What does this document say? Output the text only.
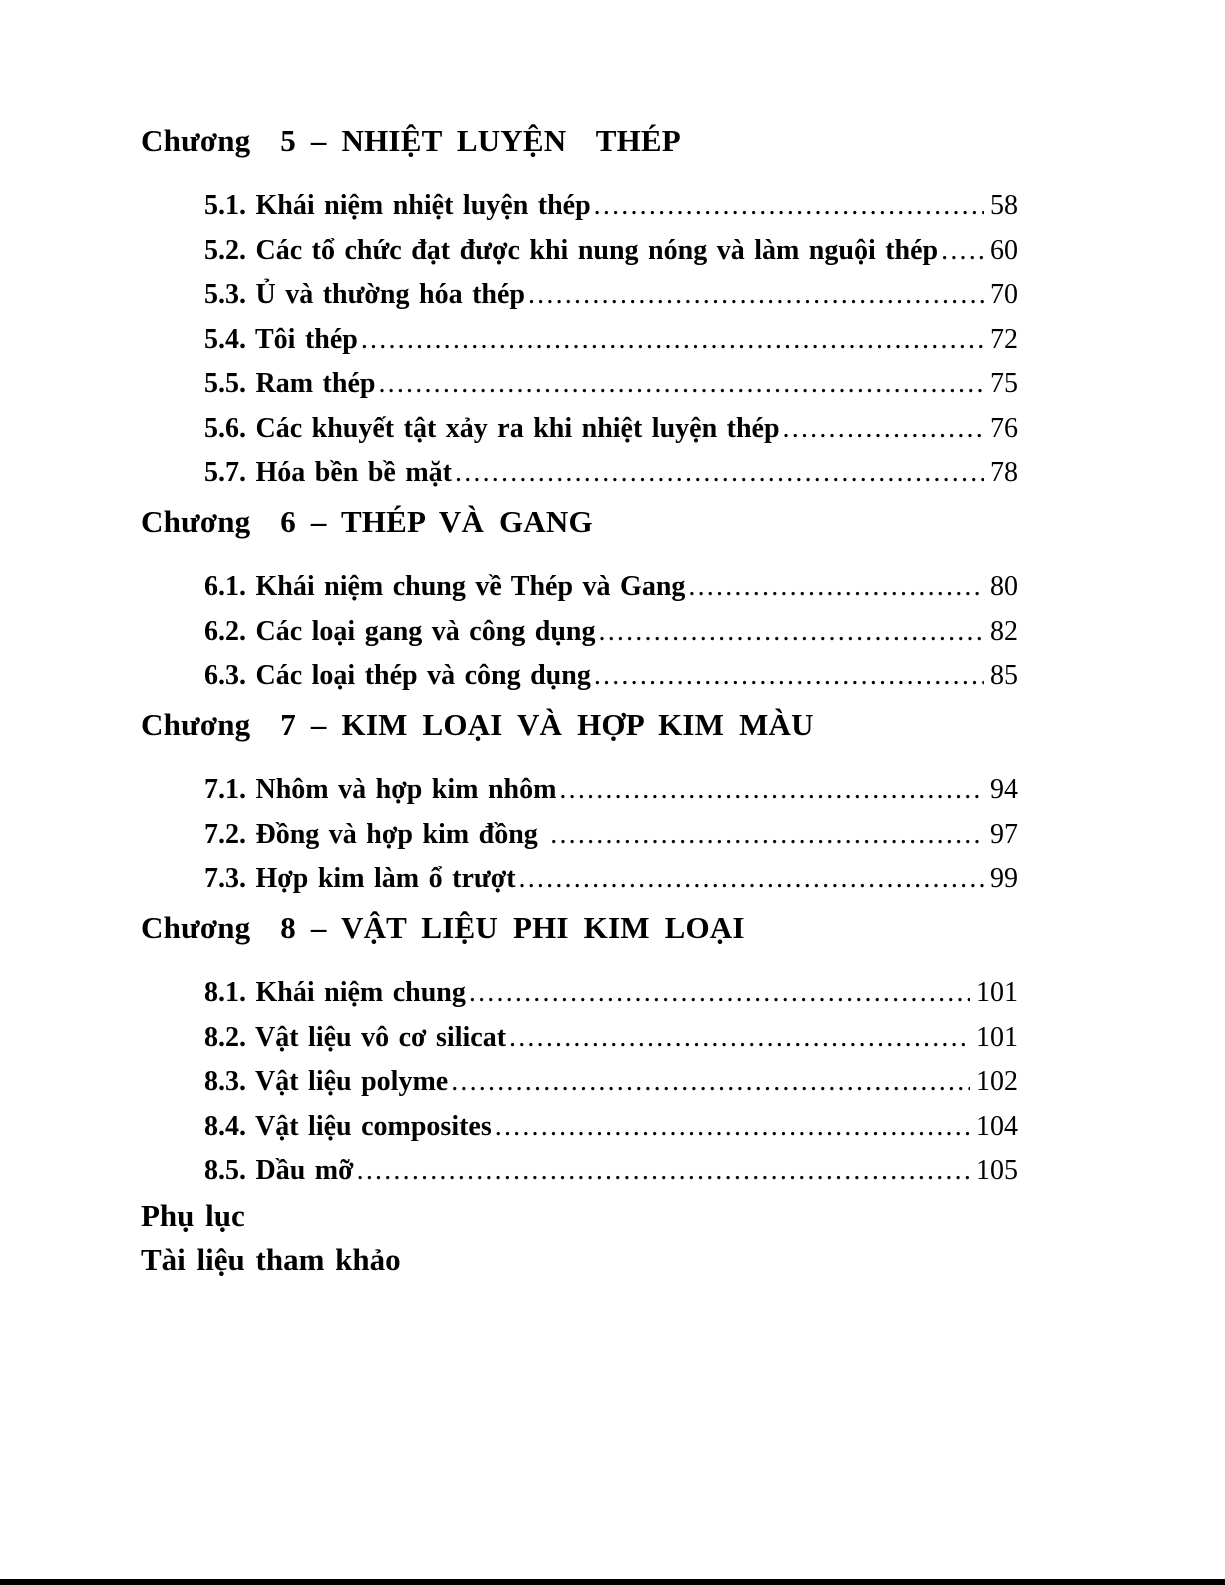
Chương  5 – NHIỆT LUYỆN  THÉP
5.1. Khái niệm nhiệt luyện thép .....	58
5.2. Các tổ chức đạt được khi nung nóng và làm nguội thép ..... 60
5.3. Ủ và thường hóa thép .....	70
5.4. Tôi thép .....	72
5.5. Ram thép .....	75
5.6. Các khuyết tật xảy ra khi nhiệt luyện thép .....	76
5.7. Hóa bền bề mặt .....	78
Chương  6 – THÉP VÀ GANG
6.1. Khái niệm chung về Thép và Gang .....	80
6.2. Các loại gang và công dụng .....	82
6.3. Các loại thép và công dụng .....	85
Chương  7 – KIM LOẠI VÀ HỢP KIM MÀU
7.1. Nhôm và hợp kim nhôm .....	94
7.2. Đồng và hợp kim đồng .....	97
7.3. Hợp kim làm ổ trượt .....	99
Chương  8 – VẬT LIỆU PHI KIM LOẠI
8.1. Khái niệm chung .....	101
8.2. Vật liệu vô cơ silicat .....	101
8.3. Vật liệu polyme .....	102
8.4. Vật liệu composites .....	104
8.5. Dầu mỡ .....	105
Phụ lục
Tài liệu tham khảo
